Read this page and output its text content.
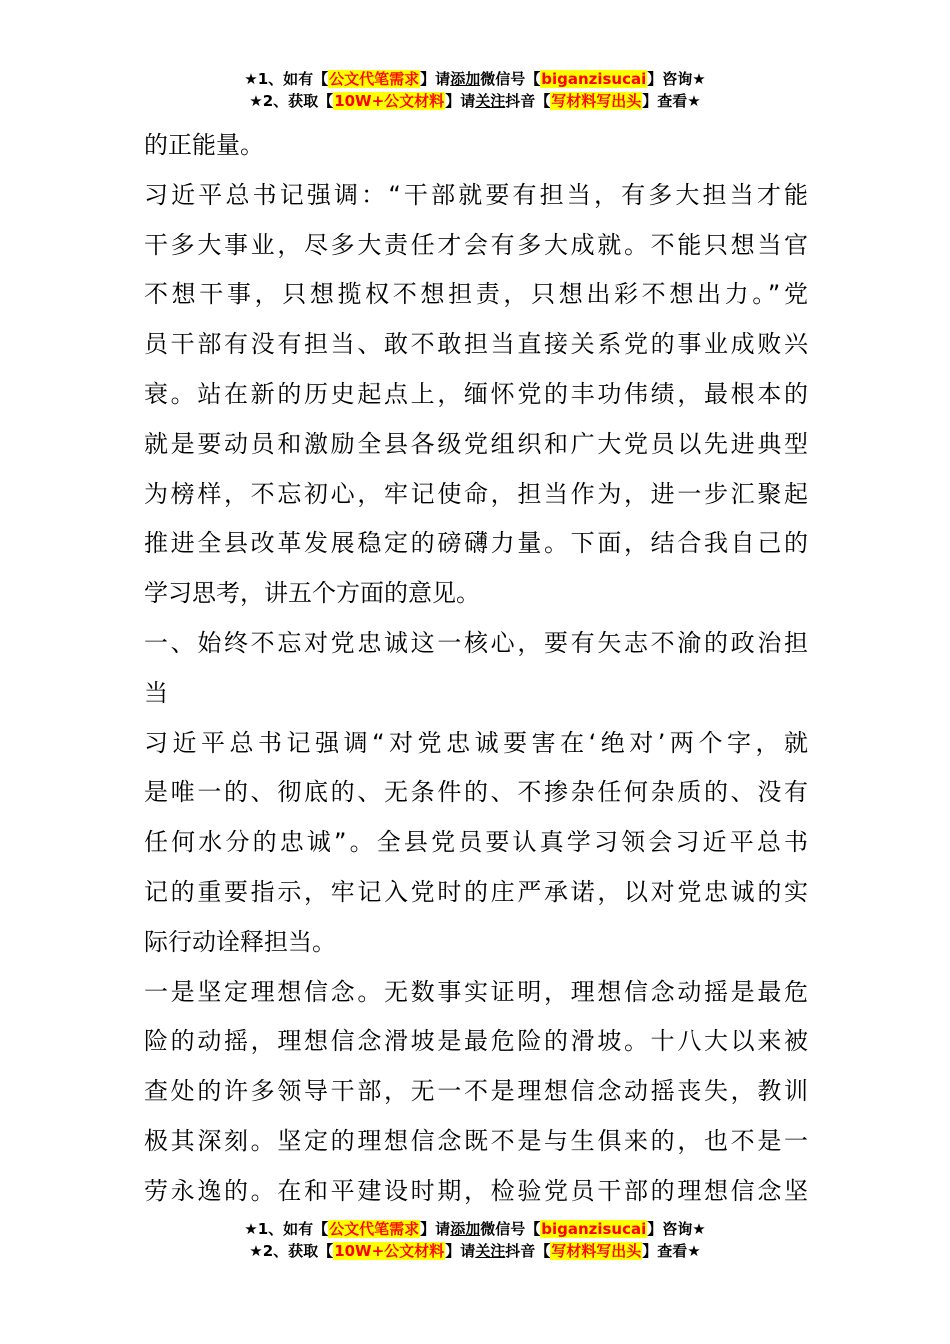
★1、如有【公文代笔需求】请添加微信号【biganzisucai】咨询★
★2、获取【10W+公文材料】请关注抖音【写材料写出头】查看★
的正能量。
习近平总书记强调：“干部就要有担当，有多大担当才能
干多大事业，尽多大责任才会有多大成就。不能只想当官
不想干事，只想揽权不想担责，只想出彩不想出力。”党
员干部有没有担当、敢不敢担当直接关系党的事业成败兴
衰。站在新的历史起点上，缅怀党的丰功伟绩，最根本的
就是要动员和激励全县各级党组织和广大党员以先进典型
为榜样，不忘初心，牢记使命，担当作为，进一步汇聚起
推进全县改革发展稳定的磅礴力量。下面，结合我自己的
学习思考，讲五个方面的意见。
一、始终不忘对党忠诚这一核心，要有矢志不渝的政治担
当
习近平总书记强调“对党忠诚要害在‘绝对’两个字，就
是唯一的、彻底的、无条件的、不掺杂任何杂质的、没有
任何水分的忠诚”。全县党员要认真学习领会习近平总书
记的重要指示，牢记入党时的庄严承诺，以对党忠诚的实
际行动诠释担当。
一是坚定理想信念。无数事实证明，理想信念动摇是最危
险的动摇，理想信念滑坡是最危险的滑坡。十八大以来被
查处的许多领导干部，无一不是理想信念动摇丧失，教训
极其深刻。坚定的理想信念既不是与生俱来的，也不是一
劳永逸的。在和平建设时期，检验党员干部的理想信念坚
★1、如有【公文代笔需求】请添加微信号【biganzisucai】咨询★
★2、获取【10W+公文材料】请关注抖音【写材料写出头】查看★
